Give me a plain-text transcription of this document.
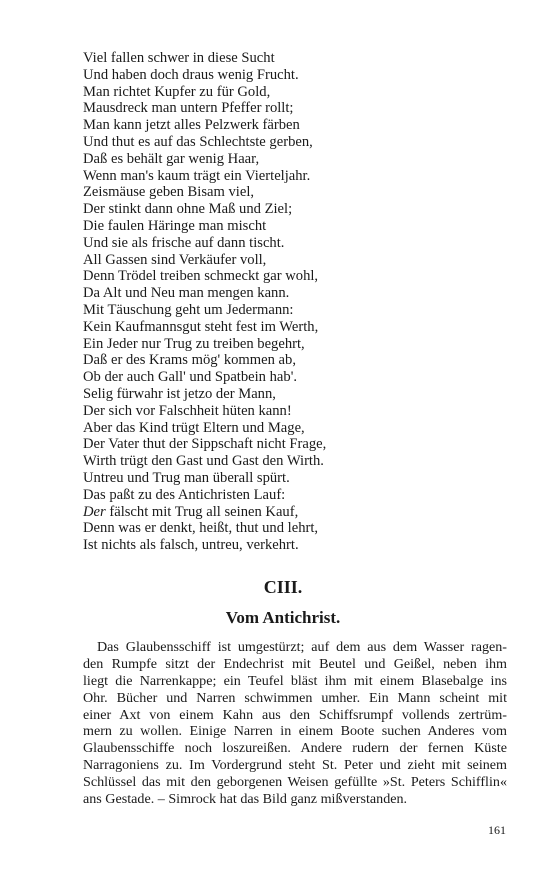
Viel fallen schwer in diese Sucht
Und haben doch draus wenig Frucht.
Man richtet Kupfer zu für Gold,
Mausdreck man untern Pfeffer rollt;
Man kann jetzt alles Pelzwerk färben
Und thut es auf das Schlechtste gerben,
Daß es behält gar wenig Haar,
Wenn man's kaum trägt ein Vierteljahr.
Zeismäuse geben Bisam viel,
Der stinkt dann ohne Maß und Ziel;
Die faulen Häringe man mischt
Und sie als frische auf dann tischt.
All Gassen sind Verkäufer voll,
Denn Trödel treiben schmeckt gar wohl,
Da Alt und Neu man mengen kann.
Mit Täuschung geht um Jedermann:
Kein Kaufmannsgut steht fest im Werth,
Ein Jeder nur Trug zu treiben begehrt,
Daß er des Krams mög' kommen ab,
Ob der auch Gall' und Spatbein hab'.
Selig fürwahr ist jetzo der Mann,
Der sich vor Falschheit hüten kann!
Aber das Kind trügt Eltern und Mage,
Der Vater thut der Sippschaft nicht Frage,
Wirth trügt den Gast und Gast den Wirth.
Untreu und Trug man überall spürt.
Das paßt zu des Antichristen Lauf:
Der fälscht mit Trug all seinen Kauf,
Denn was er denkt, heißt, thut und lehrt,
Ist nichts als falsch, untreu, verkehrt.
CIII.
Vom Antichrist.
Das Glaubensschiff ist umgestürzt; auf dem aus dem Wasser ragen-
den Rumpfe sitzt der Endechrist mit Beutel und Geißel, neben ihm
liegt die Narrenkappe; ein Teufel bläst ihm mit einem Blasebalge ins
Ohr. Bücher und Narren schwimmen umher. Ein Mann scheint mit
einer Axt von einem Kahn aus den Schiffsrumpf vollends zertrüm-
mern zu wollen. Einige Narren in einem Boote suchen Anderes vom
Glaubensschiffe noch loszureißen. Andere rudern der fernen Küste
Narragoniens zu. Im Vordergrund steht St. Peter und zieht mit seinem
Schlüssel das mit den geborgenen Weisen gefüllte »St. Peters Schifflin«
ans Gestade. – Simrock hat das Bild ganz mißverstanden.
161
